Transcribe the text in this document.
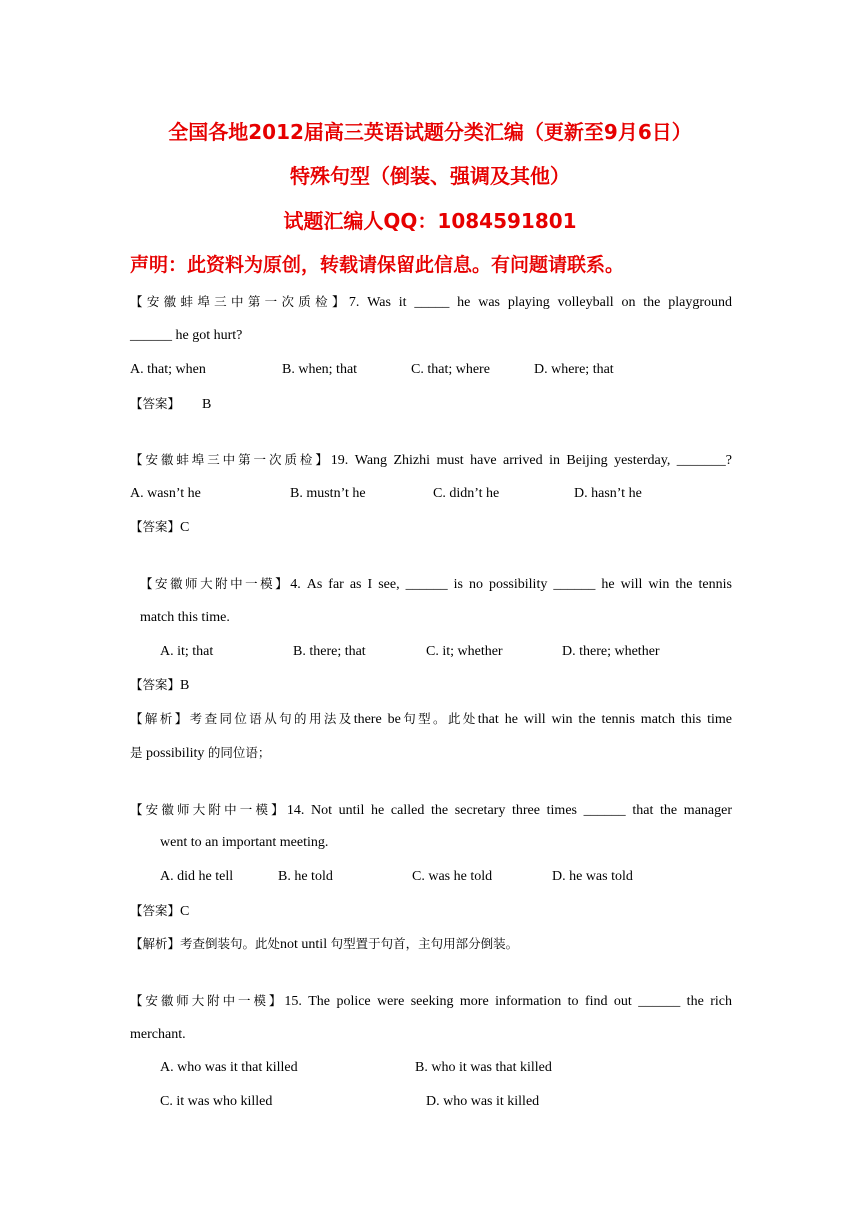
全国各地2012届高三英语试题分类汇编（更新至9月6日）
特殊句型（倒装、强调及其他）
试题汇编人QQ：1084591801
声明：此资料为原创，转载请保留此信息。有问题请联系。
【安徽蚌埠三中第一次质检】7. Was it _____ he was playing volleyball on the playground
______ he got hurt?
A. that; when	B. when; that	C. that; where	D. where; that
【答案】 B
【安徽蚌埠三中第一次质检】19. Wang Zhizhi must have arrived in Beijing yesterday, _______?
A. wasn’t he	B. mustn’t he	C. didn’t he	D. hasn’t he
【答案】C
【安徽师大附中一模】4. As far as I see, ______ is no possibility ______ he will win the tennis
match this time.
A. it; that	B. there; that	C. it; whether	D. there; whether
【答案】B
【解析】考查同位语从句的用法及there be句型。此处that he will win the tennis match this time
是 possibility 的同位语；
【安徽师大附中一模】14. Not until he called the secretary three times ______ that the manager
went to an important meeting.
A. did he tell	B. he told	C. was he told	D. he was told
【答案】C
【解析】考查倒装句。此处not until 句型置于句首，主句用部分倒装。
【安徽师大附中一模】15. The police were seeking more information to find out ______ the rich
merchant.
A. who was it that killed	B. who it was that killed
C. it was who killed	D. who was it killed
